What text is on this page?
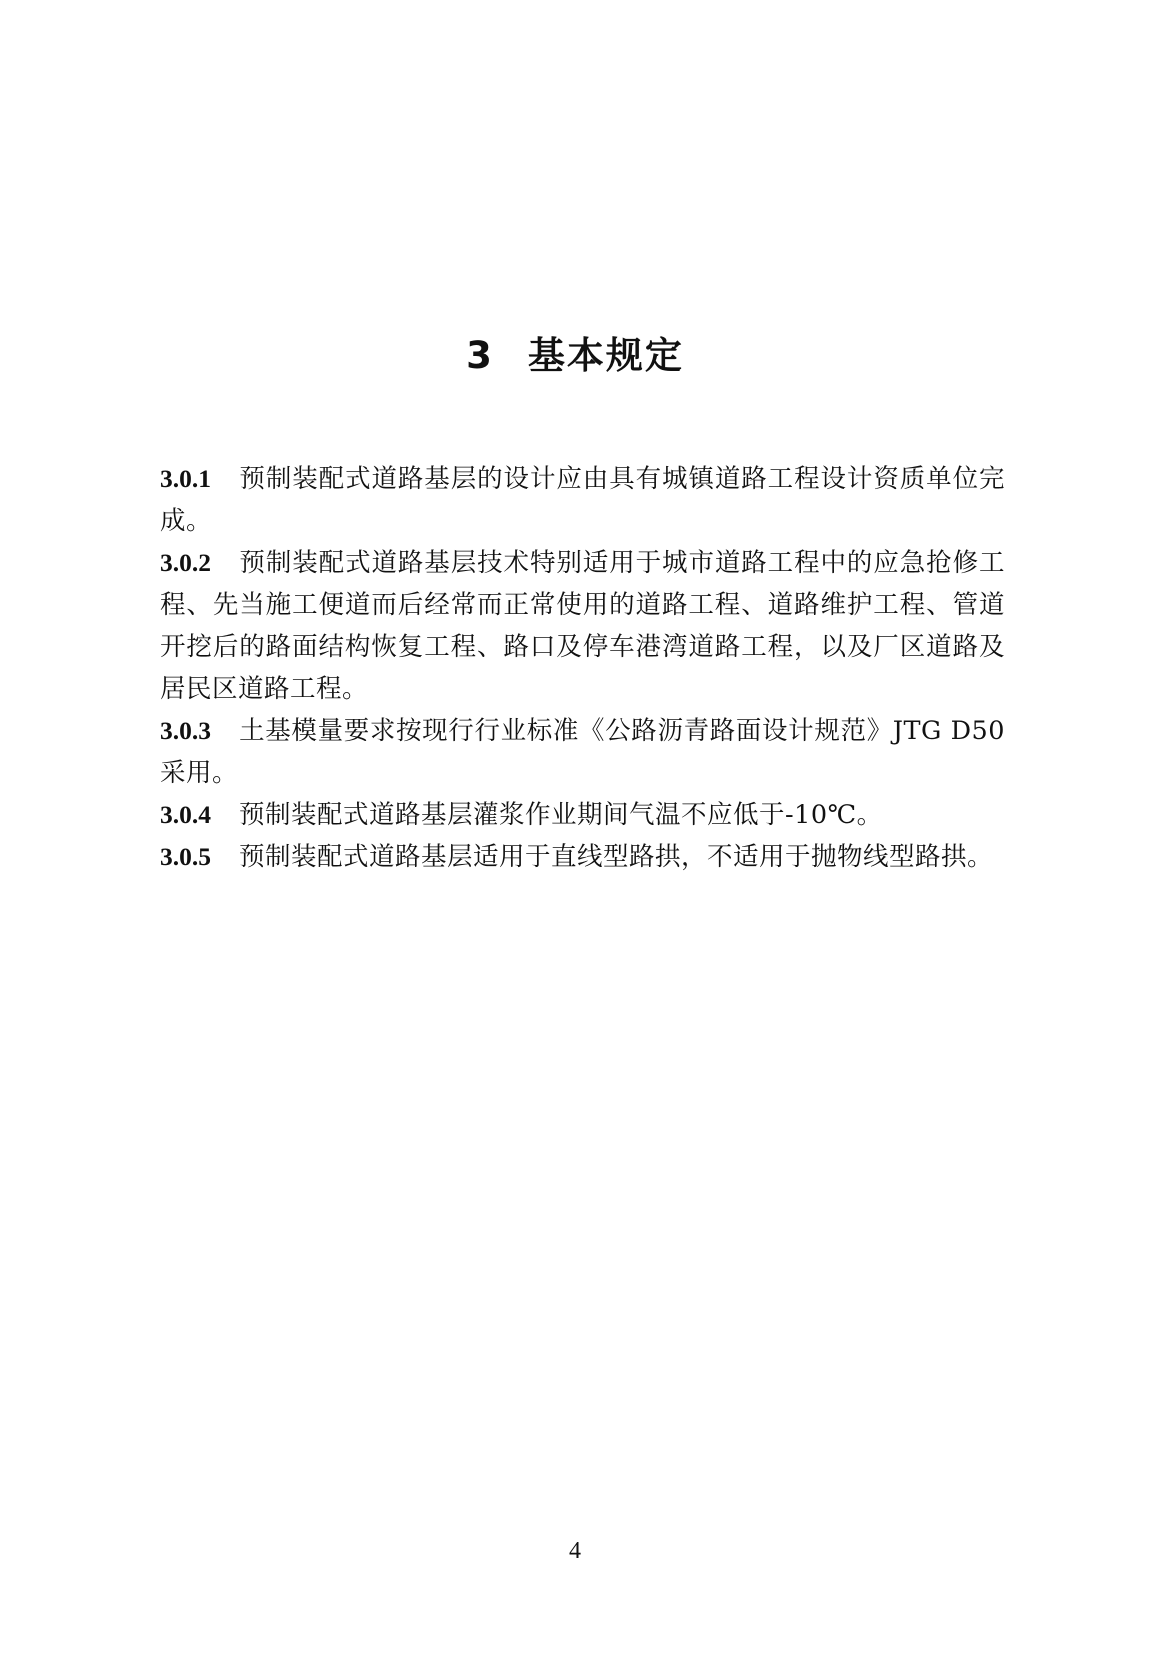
3 基本规定

3.0.1 预制装配式道路基层的设计应由具有城镇道路工程设计资质单位完成。

3.0.2 预制装配式道路基层技术特别适用于城市道路工程中的应急抢修工程、先当施工便道而后经常而正常使用的道路工程、道路维护工程、管道开挖后的路面结构恢复工程、路口及停车港湾道路工程，以及厂区道路及居民区道路工程。

3.0.3 土基模量要求按现行行业标准《公路沥青路面设计规范》JTG D50 采用。

3.0.4 预制装配式道路基层灌浆作业期间气温不应低于-10℃。

3.0.5 预制装配式道路基层适用于直线型路拱，不适用于抛物线型路拱。

4
